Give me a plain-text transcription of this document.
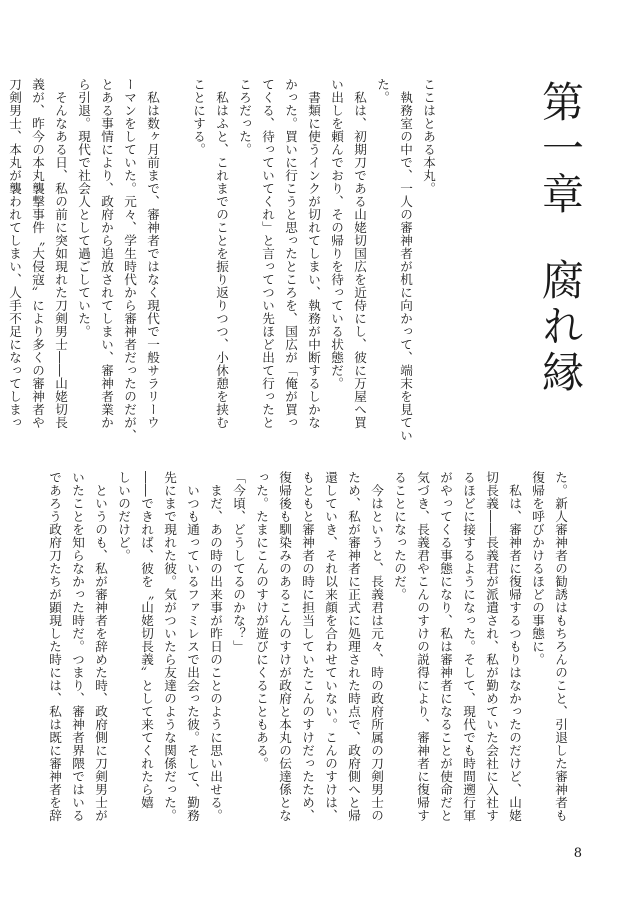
第一章腐れ縁
ここはとある本丸。
　執務室の中で、一人の審神者が机に向かって、端末を見てい
た。
　私は、初期刀である山姥切国広を近侍にし、彼に万屋へ買
い出しを頼んでおり、その帰りを待っている状態だ。
　書類に使うインクが切れてしまい、執務が中断するしかな
かった。買いに行こうと思ったところを、国広が「俺が買っ
てくる、待っていてくれ」と言ってつい先ほど出て行ったと
ころだった。
　私はふと、これまでのことを振り返りつつ、小休憩を挟む
ことにする。

　私は数ヶ月前まで、審神者ではなく現代で一般サラリーウ
ーマンをしていた。元々、学生時代から審神者だったのだが、
とある事情により、政府から追放されてしまい、審神者業か
ら引退。現代で社会人として過ごしていた。
　そんなある日、私の前に突如現れた刀剣男士――山姥切長
義が、昨今の本丸襲撃事件〝大侵寇〟により多くの審神者や
刀剣男士、本丸が襲われてしまい、人手不足になってしまっ
た。新人審神者の勧誘はもちろんのこと、引退した審神者も
復帰を呼びかけるほどの事態に。
　私は、審神者に復帰するつもりはなかったのだけど、山姥
切長義――長義君が派遣され、私が勤めていた会社に入社す
るほどに接するようになった。そして、現代でも時間遡行軍
がやってくる事態になり、私は審神者になることが使命だと
気づき、長義君やこんのすけの説得により、審神者に復帰す
ることになったのだ。
　今はというと、長義君は元々、時の政府所属の刀剣男士の
ため、私が審神者に正式に処理された時点で、政府側へと帰
還していき、それ以来顔を合わせていない。こんのすけは、
もともと審神者の時に担当していたこんのすけだったため、
復帰後も馴染みのあるこんのすけが政府と本丸の伝達係とな
った。たまにこんのすけが遊びにくることもある。
「今頃、どうしてるのかな？」
　まだ、あの時の出来事が昨日のことのように思い出せる。
　いつも通っているファミレスで出会った彼。そして、勤務
先にまで現れた彼。気がついたら友達のような関係だった。
――できれば、彼を〝山姥切長義〟として来てくれたら嬉
しいのだけど。
　というのも、私が審神者を辞めた時、政府側に刀剣男士が
いたことを知らなかった時だ。つまり、審神者界隈ではいる
であろう政府刀たちが顕現した時には、私は既に審神者を辞
8
